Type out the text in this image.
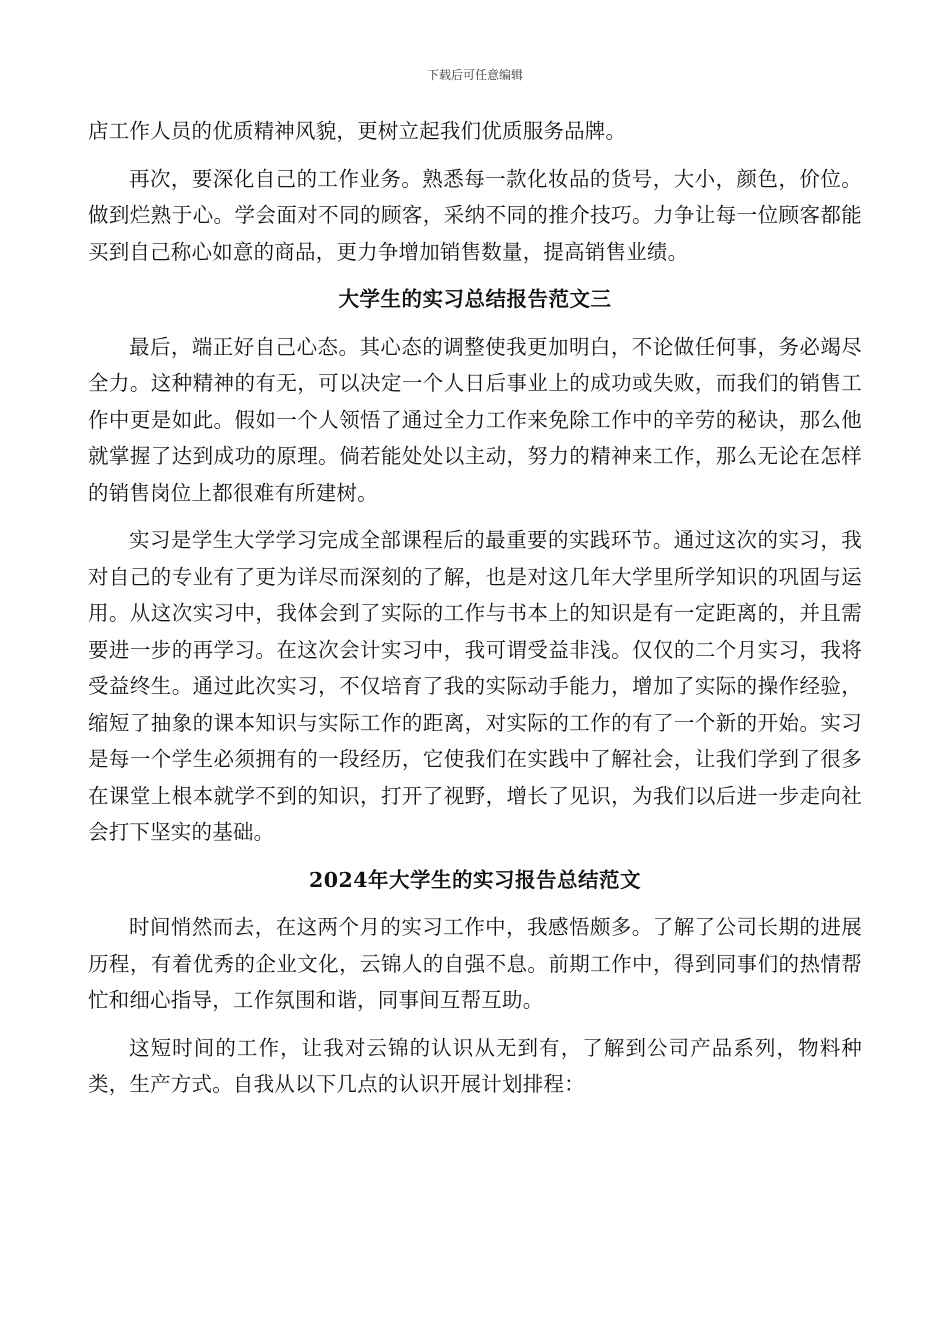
下载后可任意编辑

店工作人员的优质精神风貌，更树立起我们优质服务品牌。

再次，要深化自己的工作业务。熟悉每一款化妆品的货号，大小，颜色，价位。做到烂熟于心。学会面对不同的顾客，采纳不同的推介技巧。力争让每一位顾客都能买到自己称心如意的商品，更力争增加销售数量，提高销售业绩。

大学生的实习总结报告范文三

最后，端正好自己心态。其心态的调整使我更加明白，不论做任何事，务必竭尽全力。这种精神的有无，可以决定一个人日后事业上的成功或失败，而我们的销售工作中更是如此。假如一个人领悟了通过全力工作来免除工作中的辛劳的秘诀，那么他就掌握了达到成功的原理。倘若能处处以主动，努力的精神来工作，那么无论在怎样的销售岗位上都很难有所建树。

实习是学生大学学习完成全部课程后的最重要的实践环节。通过这次的实习，我对自己的专业有了更为详尽而深刻的了解，也是对这几年大学里所学知识的巩固与运用。从这次实习中，我体会到了实际的工作与书本上的知识是有一定距离的，并且需要进一步的再学习。在这次会计实习中，我可谓受益非浅。仅仅的二个月实习，我将受益终生。通过此次实习，不仅培育了我的实际动手能力，增加了实际的操作经验，缩短了抽象的课本知识与实际工作的距离，对实际的工作的有了一个新的开始。实习是每一个学生必须拥有的一段经历，它使我们在实践中了解社会，让我们学到了很多在课堂上根本就学不到的知识，打开了视野，增长了见识，为我们以后进一步走向社会打下坚实的基础。

2024年大学生的实习报告总结范文

时间悄然而去，在这两个月的实习工作中，我感悟颇多。了解了公司长期的进展历程，有着优秀的企业文化，云锦人的自强不息。前期工作中，得到同事们的热情帮忙和细心指导，工作氛围和谐，同事间互帮互助。

这短时间的工作，让我对云锦的认识从无到有，了解到公司产品系列，物料种类，生产方式。自我从以下几点的认识开展计划排程：
